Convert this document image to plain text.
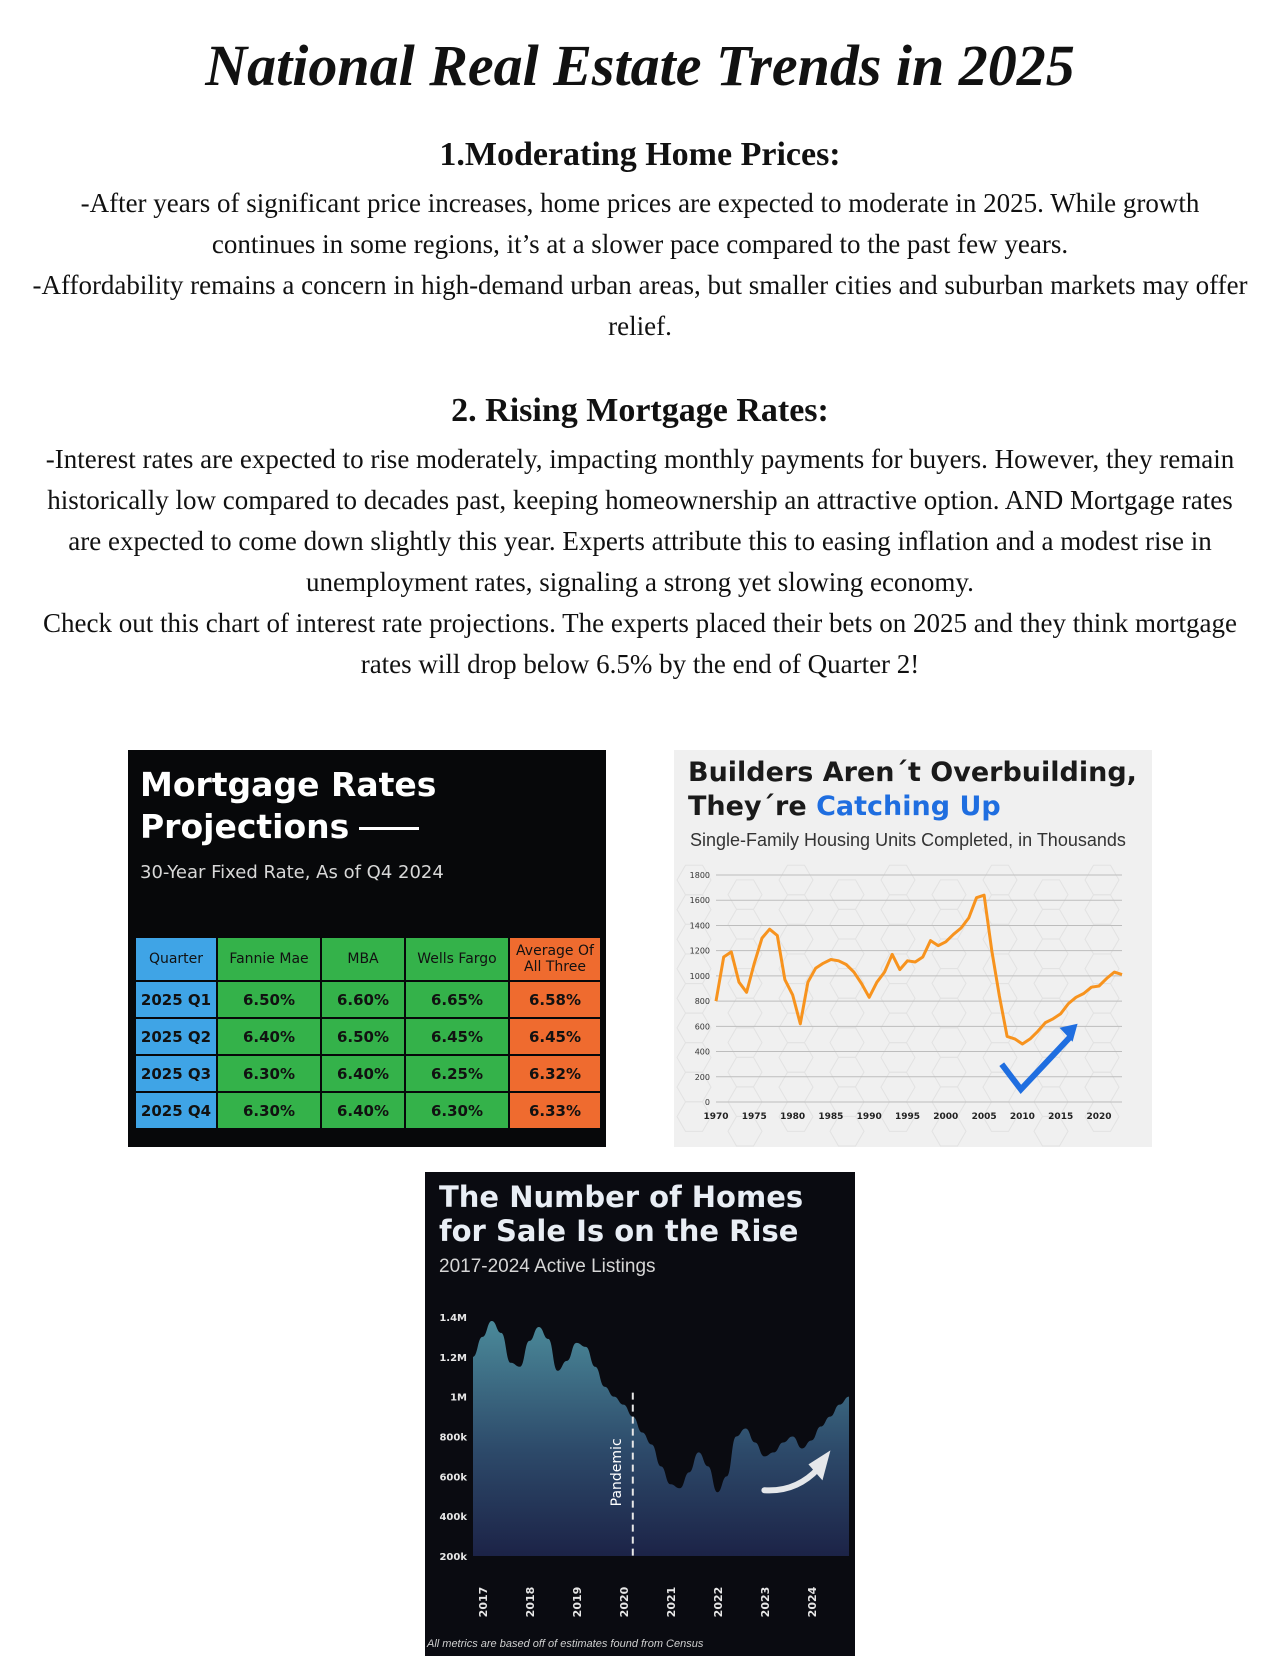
National Real Estate Trends in 2025
1.Moderating Home Prices:

-After years of significant price increases, home prices are expected to moderate in 2025. While growth continues in some regions, it’s at a slower pace compared to the past few years.

-Affordability remains a concern in high-demand urban areas, but smaller cities and suburban markets may offer relief.

2. Rising Mortgage Rates:

-Interest rates are expected to rise moderately, impacting monthly payments for buyers. However, they remain historically low compared to decades past, keeping homeownership an attractive option. AND Mortgage rates are expected to come down slightly this year. Experts attribute this to easing inflation and a modest rise in unemployment rates, signaling a strong yet slowing economy.

Check out this chart of interest rate projections. The experts placed their bets on 2025 and they think mortgage rates will drop below 6.5% by the end of Quarter 2!

Mortgage Rates Projections
30-Year Fixed Rate, As of Q4 2024
Quarter	Fannie Mae	MBA	Wells Fargo	Average Of All Three
2025 Q1	6.50%	6.60%	6.65%	6.58%
2025 Q2	6.40%	6.50%	6.45%	6.45%
2025 Q3	6.30%	6.40%	6.25%	6.32%
2025 Q4	6.30%	6.40%	6.30%	6.33%	0
200
400
600
800
1000
1200
1400
1600
1800
1970 1975 1980 1985 1990 1995 2000 2005 2010 2015 2020
Builders Aren´t Overbuilding,
They´re Catching Up
Single-Family Housing Units Completed, in Thousands
1.4M
1.2M
1M
800k
600k
400k
200k
2017	2018	2019	2020	2021	2022	2023	2024
Pandemic
The Number of Homes for Sale Is on the Rise
2017-2024 Active Listings
All metrics are based off of estimates found from Census
